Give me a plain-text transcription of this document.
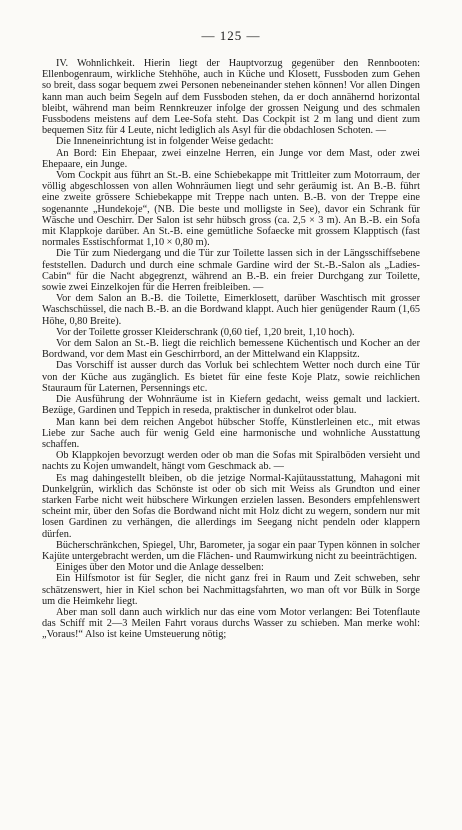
— 125 —

IV. Wohnlichkeit. Hierin liegt der Hauptvorzug gegenüber den Rennbooten: Ellenbogenraum, wirkliche Stehhöhe, auch in Küche und Klosett, Fussboden zum Gehen so breit, dass sogar bequem zwei Personen nebeneinander stehen können! Vor allen Dingen kann man auch beim Segeln auf dem Fussboden stehen, da er doch annähernd horizontal bleibt, während man beim Rennkreuzer infolge der grossen Neigung und des schmalen Fussbodens meistens auf dem Lee-Sofa steht. Das Cockpit ist 2 m lang und dient zum bequemen Sitz für 4 Leute, nicht lediglich als Asyl für die obdachlosen Schoten. —

Die Inneneinrichtung ist in folgender Weise gedacht:

An Bord: Ein Ehepaar, zwei einzelne Herren, ein Junge vor dem Mast, oder zwei Ehepaare, ein Junge.

Vom Cockpit aus führt an St.-B. eine Schiebekappe mit Trittleiter zum Motorraum, der völlig abgeschlossen von allen Wohnräumen liegt und sehr geräumig ist. An B.-B. führt eine zweite grössere Schiebekappe mit Treppe nach unten. B.-B. von der Treppe eine sogenannte „Hundekoje“, (NB. Die beste und molligste in See), davor ein Schrank für Wäsche und Oeschirr. Der Salon ist sehr hübsch gross (ca. 2,5 × 3 m). An B.-B. ein Sofa mit Klappkoje darüber. An St.-B. eine gemütliche Sofaecke mit grossem Klapptisch (fast normales Esstischformat 1,10 × 0,80 m).

Die Tür zum Niedergang und die Tür zur Toilette lassen sich in der Längsschiffsebene feststellen. Dadurch und durch eine schmale Gardine wird der St.-B.-Salon als „Ladies-Cabin“ für die Nacht abgegrenzt, während an B.-B. ein freier Durchgang zur Toilette, sowie zwei Einzelkojen für die Herren freibleiben. —

Vor dem Salon an B.-B. die Toilette, Eimerklosett, darüber Waschtisch mit grosser Waschschüssel, die nach B.-B. an die Bordwand klappt. Auch hier genügender Raum (1,65 Höhe, 0,80 Breite).

Vor der Toilette grosser Kleiderschrank (0,60 tief, 1,20 breit, 1,10 hoch).

Vor dem Salon an St.-B. liegt die reichlich bemessene Küchentisch und Kocher an der Bordwand, vor dem Mast ein Geschirrbord, an der Mittelwand ein Klappsitz.

Das Vorschiff ist ausser durch das Vorluk bei schlechtem Wetter noch durch eine Tür von der Küche aus zugänglich. Es bietet für eine feste Koje Platz, sowie reichlichen Stauraum für Laternen, Persennings etc.

Die Ausführung der Wohnräume ist in Kiefern gedacht, weiss gemalt und lackiert. Bezüge, Gardinen und Teppich in reseda, praktischer in dunkelrot oder blau.

Man kann bei dem reichen Angebot hübscher Stoffe, Künstlerleinen etc., mit etwas Liebe zur Sache auch für wenig Geld eine harmonische und wohnliche Ausstattung schaffen.

Ob Klappkojen bevorzugt werden oder ob man die Sofas mit Spiralböden versieht und nachts zu Kojen umwandelt, hängt vom Geschmack ab. —

Es mag dahingestellt bleiben, ob die jetzige Normal-Kajütausstattung, Mahagoni mit Dunkelgrün, wirklich das Schönste ist oder ob sich mit Weiss als Grundton und einer starken Farbe nicht weit hübschere Wirkungen erzielen lassen. Besonders empfehlenswert scheint mir, über den Sofas die Bordwand nicht mit Holz dicht zu wegern, sondern nur mit losen Gardinen zu verhängen, die allerdings im Seegang nicht pendeln oder klappern dürfen.

Bücherschränkchen, Spiegel, Uhr, Barometer, ja sogar ein paar Typen können in solcher Kajüte untergebracht werden, um die Flächen- und Raumwirkung nicht zu beeinträchtigen.

Einiges über den Motor und die Anlage desselben:

Ein Hilfsmotor ist für Segler, die nicht ganz frei in Raum und Zeit schweben, sehr schätzenswert, hier in Kiel schon bei Nachmittagsfahrten, wo man oft vor Bülk in Sorge um die Heimkehr liegt.

Aber man soll dann auch wirklich nur das eine vom Motor verlangen: Bei Totenflaute das Schiff mit 2—3 Meilen Fahrt voraus durchs Wasser zu schieben. Man merke wohl: „Voraus!“ Also ist keine Umsteuerung nötig;
